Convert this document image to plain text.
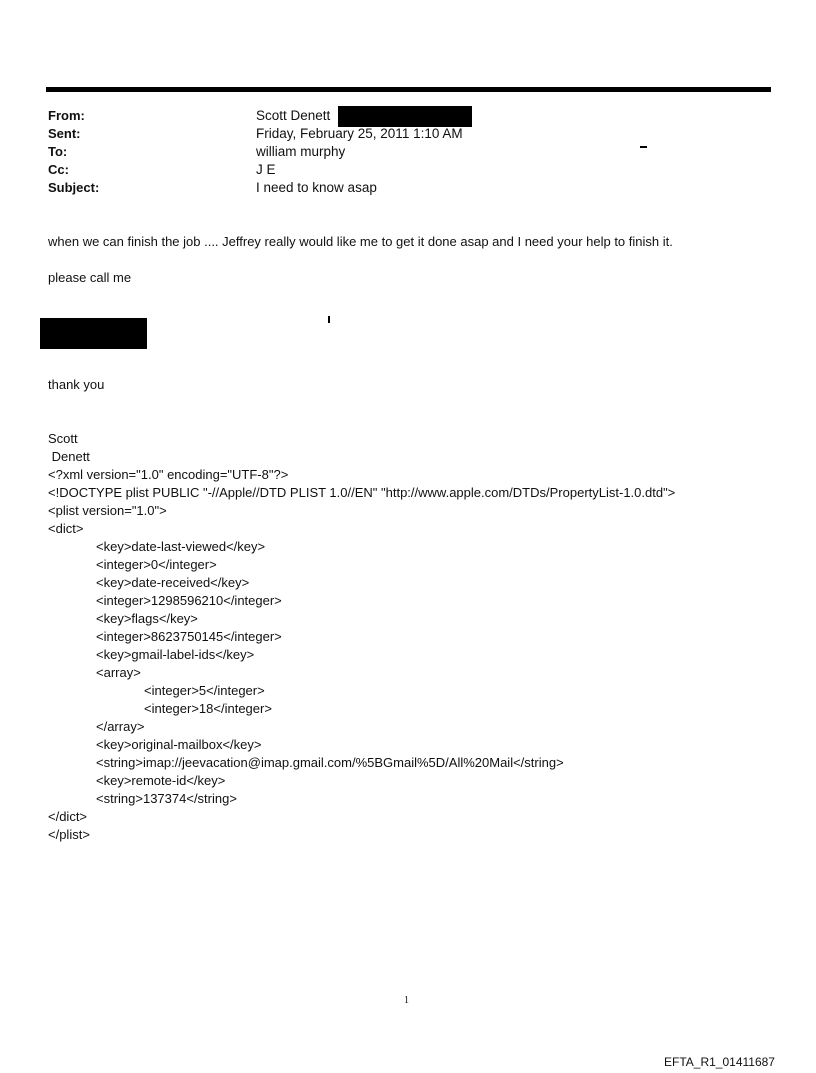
From:	Scott Denett
Sent:	Friday, February 25, 2011 1:10 AM
To:	william murphy
Cc:	J E
Subject:	I need to know asap
when we can finish the job .... Jeffrey really would like me to get it done asap and I need your help to finish it.
please call me
thank you
Scott
Denett
<?xml version="1.0" encoding="UTF-8"?>
<!DOCTYPE plist PUBLIC "-//Apple//DTD PLIST 1.0//EN" "http://www.apple.com/DTDs/PropertyList-1.0.dtd">
<plist version="1.0">
<dict>
<key>date-last-viewed</key>
<integer>0</integer>
<key>date-received</key>
<integer>1298596210</integer>
<key>flags</key>
<integer>8623750145</integer>
<key>gmail-label-ids</key>
<array>
<integer>5</integer>
<integer>18</integer>
</array>
<key>original-mailbox</key>
<string>imap://jeevacation@imap.gmail.com/%5BGmail%5D/All%20Mail</string>
<key>remote-id</key>
<string>137374</string>
</dict>
</plist>
1
EFTA_R1_01411687
